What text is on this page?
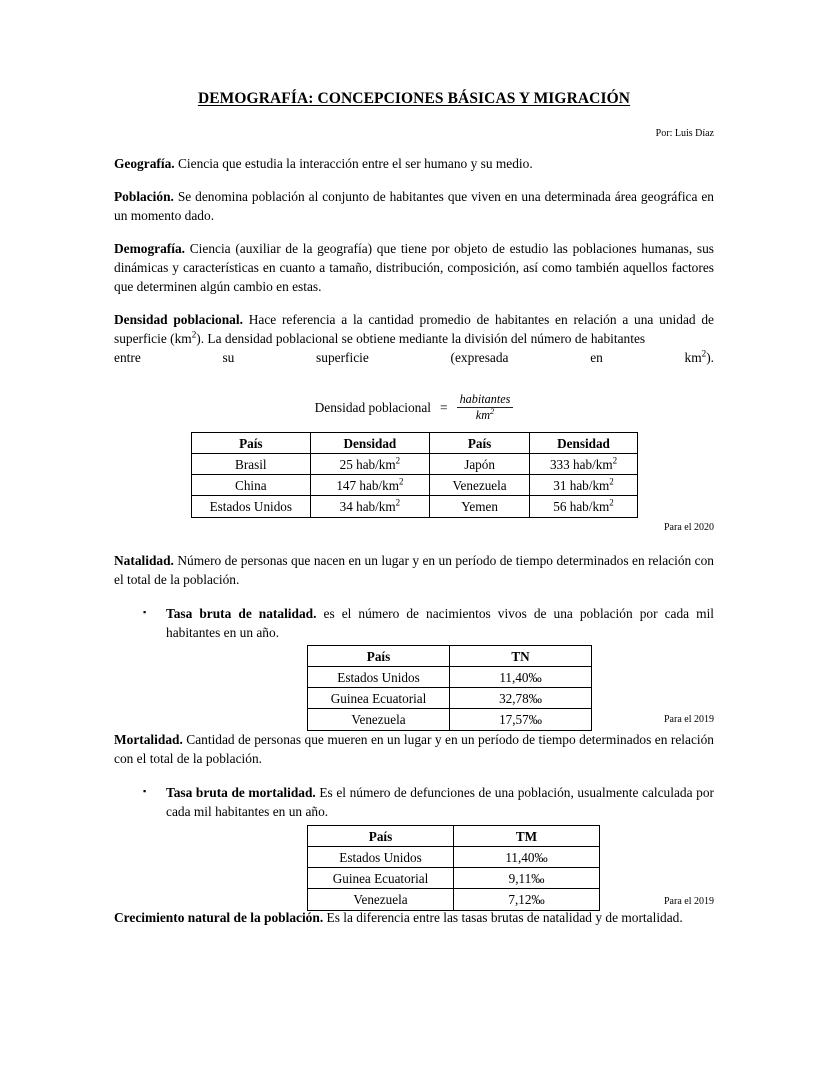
DEMOGRAFÍA: CONCEPCIONES BÁSICAS Y MIGRACIÓN

Por: Luis Díaz

Geografía. Ciencia que estudia la interacción entre el ser humano y su medio.

Población. Se denomina población al conjunto de habitantes que viven en una determinada área geográfica en un momento dado.

Demografía. Ciencia (auxiliar de la geografía) que tiene por objeto de estudio las poblaciones humanas, sus dinámicas y características en cuanto a tamaño, distribución, composición, así como también aquellos factores que determinen algún cambio en estas.

Densidad poblacional. Hace referencia a la cantidad promedio de habitantes en relación a una unidad de superficie $(km^2)$. La densidad poblacional se obtiene mediante la división del número de habitantes
entre su superficie (expresada en $km^2$).

Densidad poblacional = $\frac{\text{habitantes}}{km^2}$
País	Densidad	País	Densidad
Brasil	25 hab/$km^2$	Japón	333 hab/$km^2$
China	147 hab/$km^2$	Venezuela	31 hab/$km^2$
Estados Unidos	34 hab/$km^2$	Yemen	56 hab/$km^2$

Para el 2020

Natalidad. Número de personas que nacen en un lugar y en un período de tiempo determinados en relación con el total de la población.

▪ Tasa bruta de natalidad. es el número de nacimientos vivos de una población por cada mil habitantes en un año.
País	TN
Estados Unidos	11,40‰
Guinea Ecuatorial	32,78‰
Venezuela	17,57‰	Para el 2019

Mortalidad. Cantidad de personas que mueren en un lugar y en un período de tiempo determinados en relación con el total de la población.

▪ Tasa bruta de mortalidad. Es el número de defunciones de una población, usualmente calculada por cada mil habitantes en un año.
País	TM
Estados Unidos	11,40‰
Guinea Ecuatorial	9,11‰
Venezuela	7,12‰	Para el 2019

Crecimiento natural de la población. Es la diferencia entre las tasas brutas de natalidad y de mortalidad.
